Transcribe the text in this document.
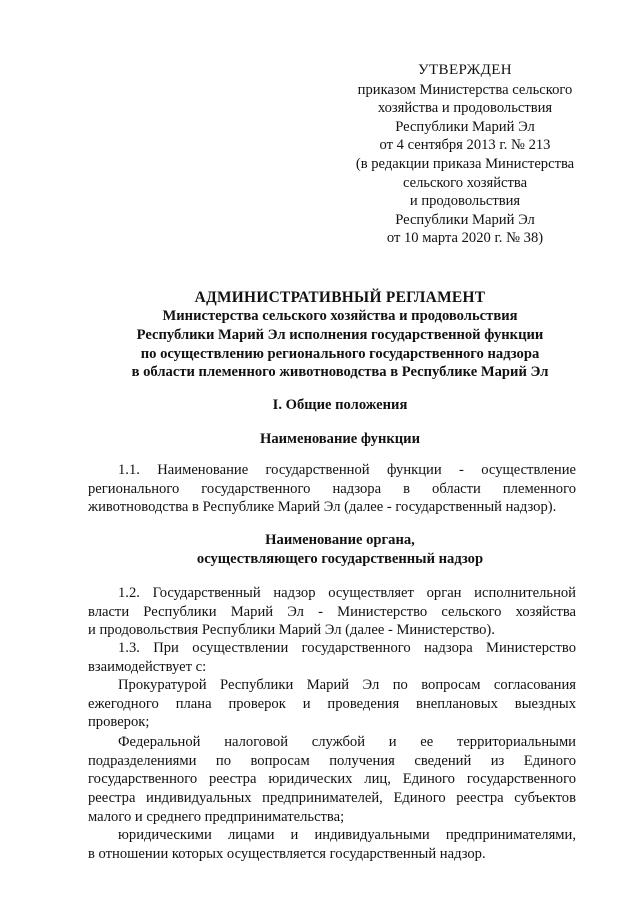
УТВЕРЖДЕН
приказом Министерства сельского
хозяйства и продовольствия
Республики Марий Эл
от 4 сентября 2013 г. № 213
(в редакции приказа Министерства
сельского хозяйства
и продовольствия
Республики Марий Эл
от 10 марта 2020 г. № 38)
АДМИНИСТРАТИВНЫЙ РЕГЛАМЕНТ
Министерства сельского хозяйства и продовольствия
Республики Марий Эл исполнения государственной функции
по осуществлению регионального государственного надзора
в области племенного животноводства в Республике Марий Эл
I. Общие положения
Наименование функции
1.1. Наименование государственной функции - осуществление
регионального государственного надзора в области племенного
животноводства в Республике Марий Эл (далее - государственный надзор).
Наименование органа,
осуществляющего государственный надзор
1.2. Государственный надзор осуществляет орган исполнительной
власти Республики Марий Эл - Министерство сельского хозяйства
и продовольствия Республики Марий Эл (далее - Министерство).
1.3. При осуществлении государственного надзора Министерство
взаимодействует с:
Прокуратурой Республики Марий Эл по вопросам согласования
ежегодного плана проверок и проведения внеплановых выездных
проверок;
Федеральной налоговой службой и ее территориальными
подразделениями по вопросам получения сведений из Единого
государственного реестра юридических лиц, Единого государственного
реестра индивидуальных предпринимателей, Единого реестра субъектов
малого и среднего предпринимательства;
юридическими лицами и индивидуальными предпринимателями,
в отношении которых осуществляется государственный надзор.
